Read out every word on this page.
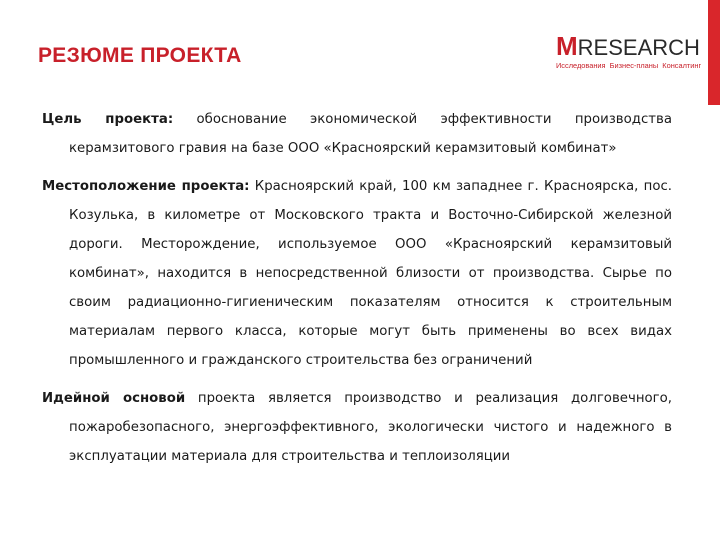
РЕЗЮМЕ ПРОЕКТА	MRESEARCH
Исследования  Бизнес-планы  Консалтинг
Цель проекта: обоснование экономической эффективности производства керамзитового гравия на базе ООО «Красноярский керамзитовый комбинат»
Местоположение проекта: Красноярский край, 100 км западнее г. Красноярска, пос. Козулька, в километре от Московского тракта и Восточно-Сибирской железной дороги. Месторождение, используемое ООО «Красноярский керамзитовый комбинат», находится в непосредственной близости от производства. Сырье по своим радиационно-гигиеническим показателям относится к строительным материалам первого класса, которые могут быть применены во всех видах промышленного и гражданского строительства без ограничений
Идейной основой проекта является производство и реализация долговечного, пожаробезопасного, энергоэффективного, экологически чистого и надежного в эксплуатации материала для строительства и теплоизоляции
